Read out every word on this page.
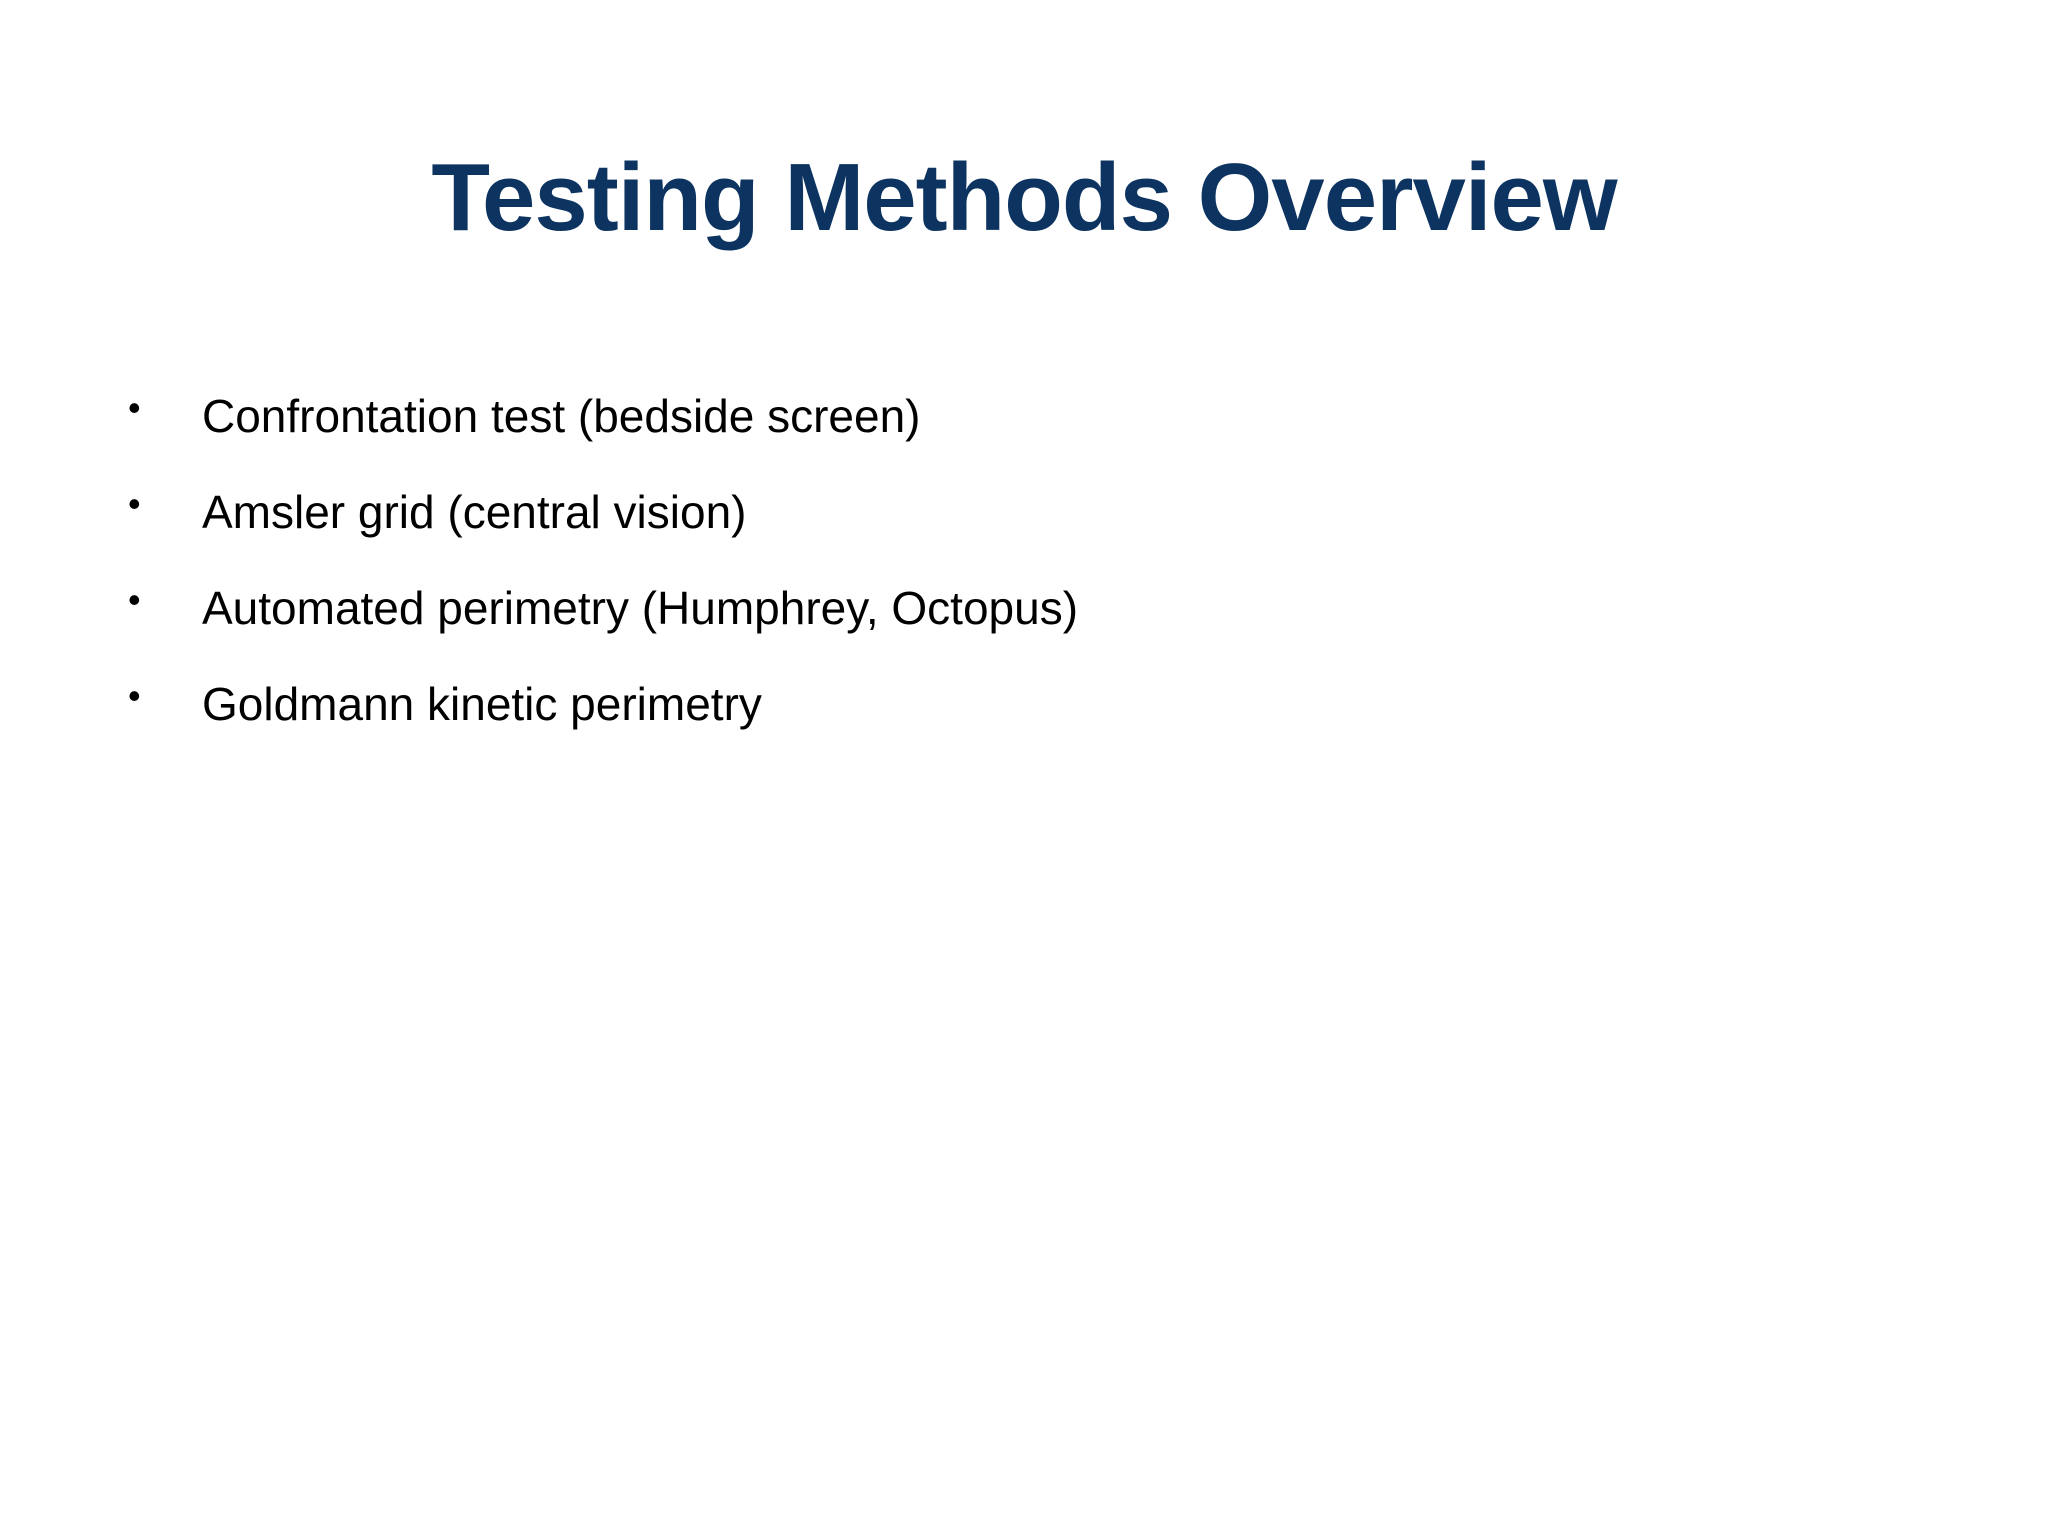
Testing Methods Overview
• Confrontation test (bedside screen)
• Amsler grid (central vision)
• Automated perimetry (Humphrey, Octopus)
• Goldmann kinetic perimetry
